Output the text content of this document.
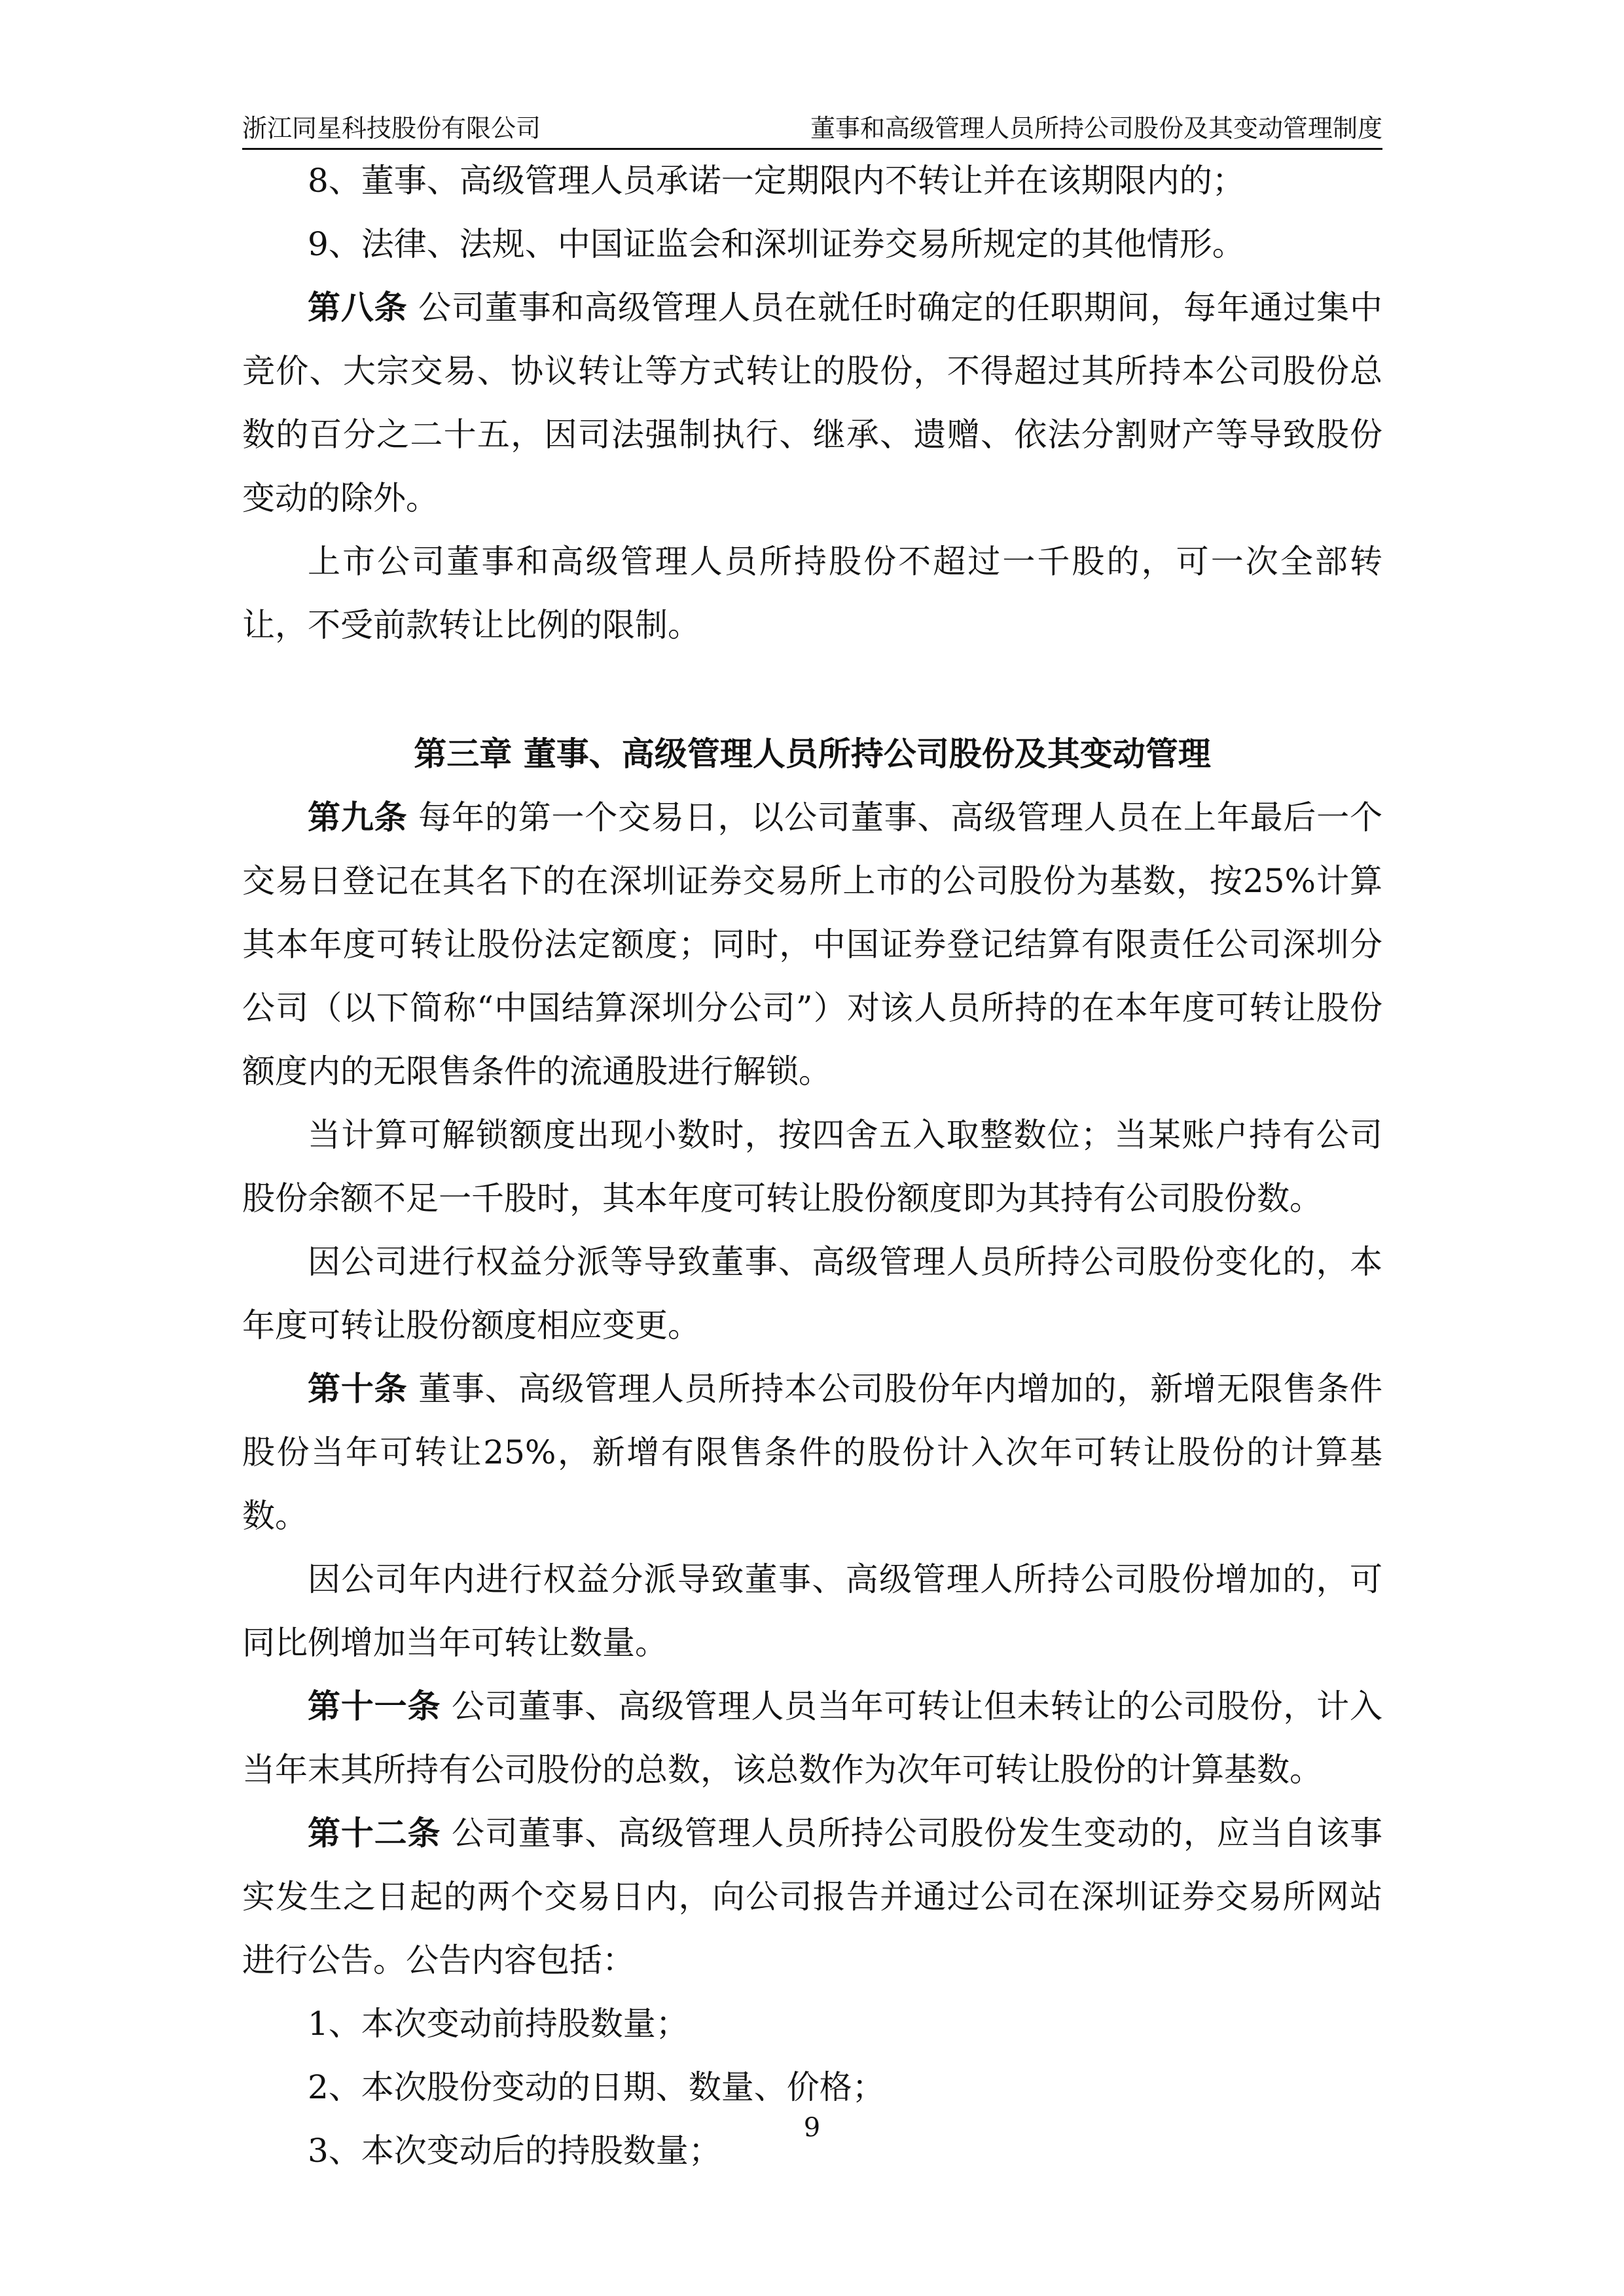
浙江同星科技股份有限公司	董事和高级管理人员所持公司股份及其变动管理制度

8、董事、高级管理人员承诺一定期限内不转让并在该期限内的；

9、法律、法规、中国证监会和深圳证券交易所规定的其他情形。

第八条 公司董事和高级管理人员在就任时确定的任职期间，每年通过集中竞价、大宗交易、协议转让等方式转让的股份，不得超过其所持本公司股份总数的百分之二十五，因司法强制执行、继承、遗赠、依法分割财产等导致股份变动的除外。

上市公司董事和高级管理人员所持股份不超过一千股的，可一次全部转让，不受前款转让比例的限制。

第三章 董事、高级管理人员所持公司股份及其变动管理

第九条 每年的第一个交易日，以公司董事、高级管理人员在上年最后一个交易日登记在其名下的在深圳证券交易所上市的公司股份为基数，按25%计算其本年度可转让股份法定额度；同时，中国证券登记结算有限责任公司深圳分公司（以下简称“中国结算深圳分公司”）对该人员所持的在本年度可转让股份额度内的无限售条件的流通股进行解锁。

当计算可解锁额度出现小数时，按四舍五入取整数位；当某账户持有公司股份余额不足一千股时，其本年度可转让股份额度即为其持有公司股份数。

因公司进行权益分派等导致董事、高级管理人员所持公司股份变化的，本年度可转让股份额度相应变更。

第十条 董事、高级管理人员所持本公司股份年内增加的，新增无限售条件股份当年可转让25%，新增有限售条件的股份计入次年可转让股份的计算基数。

因公司年内进行权益分派导致董事、高级管理人所持公司股份增加的，可同比例增加当年可转让数量。

第十一条 公司董事、高级管理人员当年可转让但未转让的公司股份，计入当年末其所持有公司股份的总数，该总数作为次年可转让股份的计算基数。

第十二条 公司董事、高级管理人员所持公司股份发生变动的，应当自该事实发生之日起的两个交易日内，向公司报告并通过公司在深圳证券交易所网站进行公告。公告内容包括：

1、本次变动前持股数量；

2、本次股份变动的日期、数量、价格；

3、本次变动后的持股数量；

9
